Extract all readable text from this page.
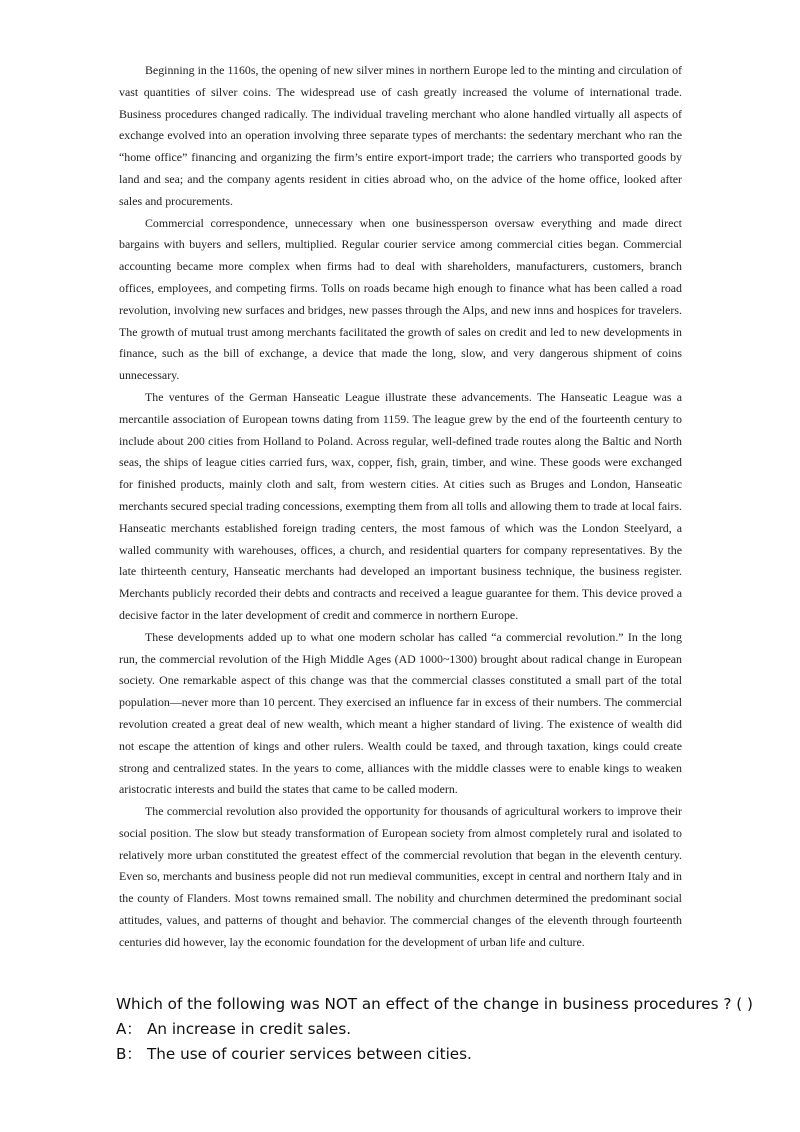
Beginning in the 1160s, the opening of new silver mines in northern Europe led to the minting and circulation of vast quantities of silver coins. The widespread use of cash greatly increased the volume of international trade. Business procedures changed radically. The individual traveling merchant who alone handled virtually all aspects of exchange evolved into an operation involving three separate types of merchants: the sedentary merchant who ran the “home office” financing and organizing the firm’s entire export-import trade; the carriers who transported goods by land and sea; and the company agents resident in cities abroad who, on the advice of the home office, looked after sales and procurements.

Commercial correspondence, unnecessary when one businessperson oversaw everything and made direct bargains with buyers and sellers, multiplied. Regular courier service among commercial cities began. Commercial accounting became more complex when firms had to deal with shareholders, manufacturers, customers, branch offices, employees, and competing firms. Tolls on roads became high enough to finance what has been called a road revolution, involving new surfaces and bridges, new passes through the Alps, and new inns and hospices for travelers. The growth of mutual trust among merchants facilitated the growth of sales on credit and led to new developments in finance, such as the bill of exchange, a device that made the long, slow, and very dangerous shipment of coins unnecessary.

The ventures of the German Hanseatic League illustrate these advancements. The Hanseatic League was a mercantile association of European towns dating from 1159. The league grew by the end of the fourteenth century to include about 200 cities from Holland to Poland. Across regular, well-defined trade routes along the Baltic and North seas, the ships of league cities carried furs, wax, copper, fish, grain, timber, and wine. These goods were exchanged for finished products, mainly cloth and salt, from western cities. At cities such as Bruges and London, Hanseatic merchants secured special trading concessions, exempting them from all tolls and allowing them to trade at local fairs. Hanseatic merchants established foreign trading centers, the most famous of which was the London Steelyard, a walled community with warehouses, offices, a church, and residential quarters for company representatives. By the late thirteenth century, Hanseatic merchants had developed an important business technique, the business register. Merchants publicly recorded their debts and contracts and received a league guarantee for them. This device proved a decisive factor in the later development of credit and commerce in northern Europe.

These developments added up to what one modern scholar has called “a commercial revolution.” In the long run, the commercial revolution of the High Middle Ages (AD 1000~1300) brought about radical change in European society. One remarkable aspect of this change was that the commercial classes constituted a small part of the total population—never more than 10 percent. They exercised an influence far in excess of their numbers. The commercial revolution created a great deal of new wealth, which meant a higher standard of living. The existence of wealth did not escape the attention of kings and other rulers. Wealth could be taxed, and through taxation, kings could create strong and centralized states. In the years to come, alliances with the middle classes were to enable kings to weaken aristocratic interests and build the states that came to be called modern.

The commercial revolution also provided the opportunity for thousands of agricultural workers to improve their social position. The slow but steady transformation of European society from almost completely rural and isolated to relatively more urban constituted the greatest effect of the commercial revolution that began in the eleventh century. Even so, merchants and business people did not run medieval communities, except in central and northern Italy and in the county of Flanders. Most towns remained small. The nobility and churchmen determined the predominant social attitudes, values, and patterns of thought and behavior. The commercial changes of the eleventh through fourteenth centuries did however, lay the economic foundation for the development of urban life and culture.

Which of the following was NOT an effect of the change in business procedures ? ( )

A： An increase in credit sales.
B： The use of courier services between cities.
